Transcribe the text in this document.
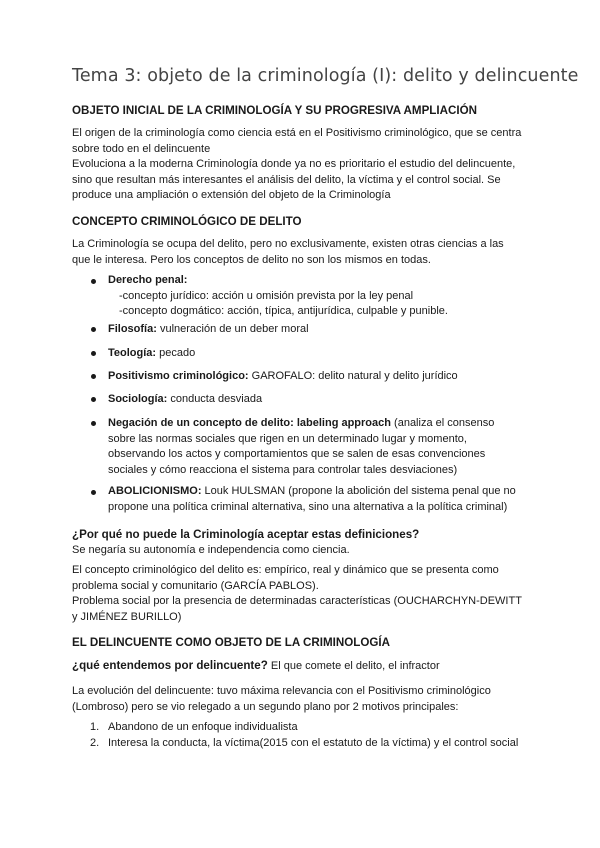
Tema 3: objeto de la criminología (I): delito y delincuente
OBJETO INICIAL DE LA CRIMINOLOGÍA Y SU PROGRESIVA AMPLIACIÓN
El origen de la criminología como ciencia está en el Positivismo criminológico, que se centra
sobre todo en el delincuente
Evoluciona a la moderna Criminología donde ya no es prioritario el estudio del delincuente,
sino que resultan más interesantes el análisis del delito, la víctima y el control social. Se
produce una ampliación o extensión del objeto de la Criminología
CONCEPTO CRIMINOLÓGICO DE DELITO
La Criminología se ocupa del delito, pero no exclusivamente, existen otras ciencias a las
que le interesa. Pero los conceptos de delito no son los mismos en todas.
Derecho penal:
-concepto jurídico: acción u omisión prevista por la ley penal
-concepto dogmático: acción, típica, antijurídica, culpable y punible.
Filosofía: vulneración de un deber moral
Teología: pecado
Positivismo criminológico: GAROFALO: delito natural y delito jurídico
Sociología: conducta desviada
Negación de un concepto de delito: labeling approach (analiza el consenso
sobre las normas sociales que rigen en un determinado lugar y momento,
observando los actos y comportamientos que se salen de esas convenciones
sociales y cómo reacciona el sistema para controlar tales desviaciones)
ABOLICIONISMO: Louk HULSMAN (propone la abolición del sistema penal que no
propone una política criminal alternativa, sino una alternativa a la política criminal)
¿Por qué no puede la Criminología aceptar estas definiciones?
Se negaría su autonomía e independencia como ciencia.
El concepto criminológico del delito es: empírico, real y dinámico que se presenta como
problema social y comunitario (GARCÍA PABLOS).
Problema social por la presencia de determinadas características (OUCHARCHYN-DEWITT
y JIMÉNEZ BURILLO)
EL DELINCUENTE COMO OBJETO DE LA CRIMINOLOGÍA
¿qué entendemos por delincuente? El que comete el delito, el infractor
La evolución del delincuente: tuvo máxima relevancia con el Positivismo criminológico
(Lombroso) pero se vio relegado a un segundo plano por 2 motivos principales:
1. Abandono de un enfoque individualista
2. Interesa la conducta, la víctima(2015 con el estatuto de la víctima) y el control social
